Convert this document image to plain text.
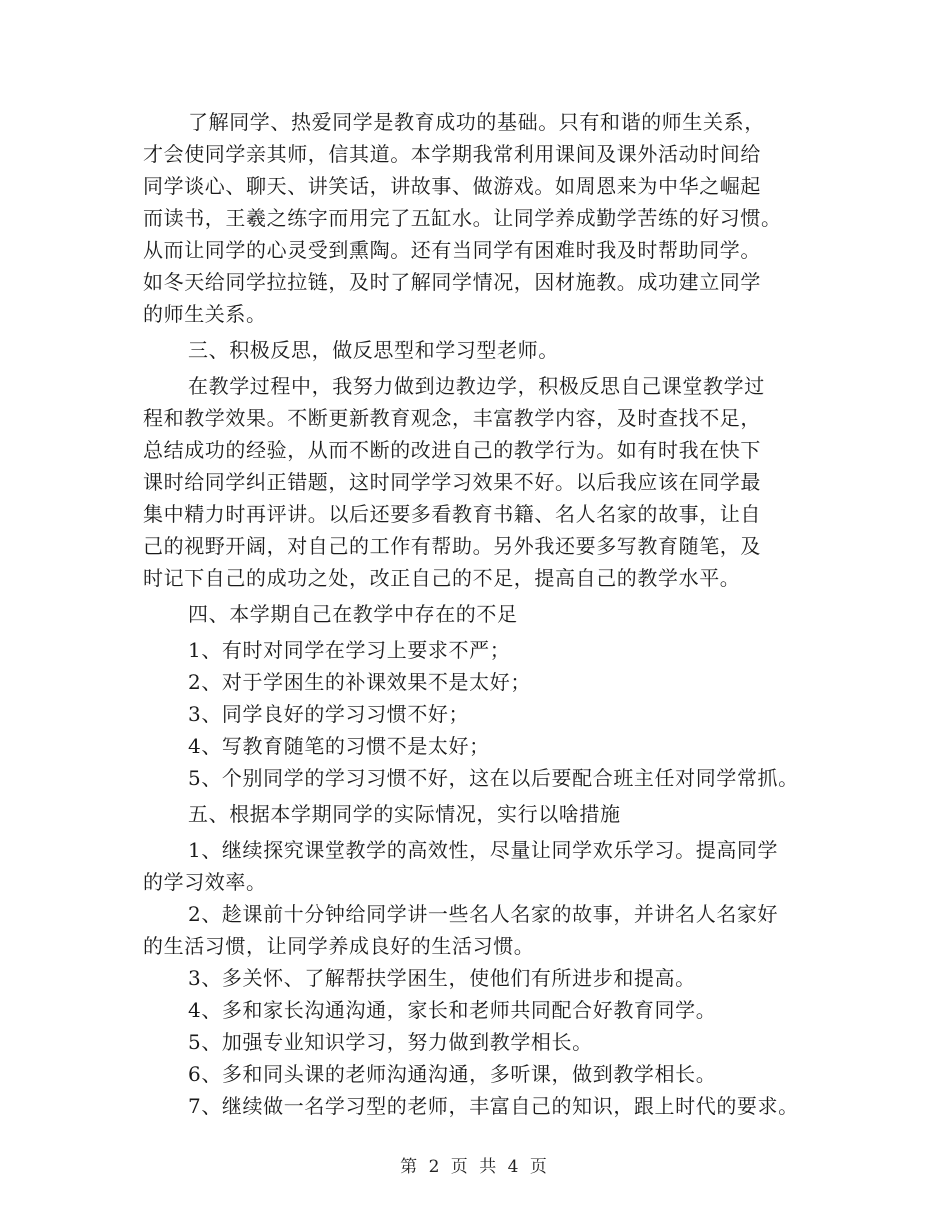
了解同学、热爱同学是教育成功的基础。只有和谐的师生关系，
才会使同学亲其师，信其道。本学期我常利用课间及课外活动时间给
同学谈心、聊天、讲笑话，讲故事、做游戏。如周恩来为中华之崛起
而读书，王羲之练字而用完了五缸水。让同学养成勤学苦练的好习惯。
从而让同学的心灵受到熏陶。还有当同学有困难时我及时帮助同学。
如冬天给同学拉拉链，及时了解同学情况，因材施教。成功建立同学
的师生关系。
三、积极反思，做反思型和学习型老师。
在教学过程中，我努力做到边教边学，积极反思自己课堂教学过
程和教学效果。不断更新教育观念，丰富教学内容，及时查找不足，
总结成功的经验，从而不断的改进自己的教学行为。如有时我在快下
课时给同学纠正错题，这时同学学习效果不好。以后我应该在同学最
集中精力时再评讲。以后还要多看教育书籍、名人名家的故事，让自
己的视野开阔，对自己的工作有帮助。另外我还要多写教育随笔，及
时记下自己的成功之处，改正自己的不足，提高自己的教学水平。
四、本学期自己在教学中存在的不足
1、有时对同学在学习上要求不严；
2、对于学困生的补课效果不是太好；
3、同学良好的学习习惯不好；
4、写教育随笔的习惯不是太好；
5、个别同学的学习习惯不好，这在以后要配合班主任对同学常抓。
五、根据本学期同学的实际情况，实行以啥措施
1、继续探究课堂教学的高效性，尽量让同学欢乐学习。提高同学
的学习效率。
2、趁课前十分钟给同学讲一些名人名家的故事，并讲名人名家好
的生活习惯，让同学养成良好的生活习惯。
3、多关怀、了解帮扶学困生，使他们有所进步和提高。
4、多和家长沟通沟通，家长和老师共同配合好教育同学。
5、加强专业知识学习，努力做到教学相长。
6、多和同头课的老师沟通沟通，多听课，做到教学相长。
7、继续做一名学习型的老师，丰富自己的知识，跟上时代的要求。
第 2 页 共 4 页
